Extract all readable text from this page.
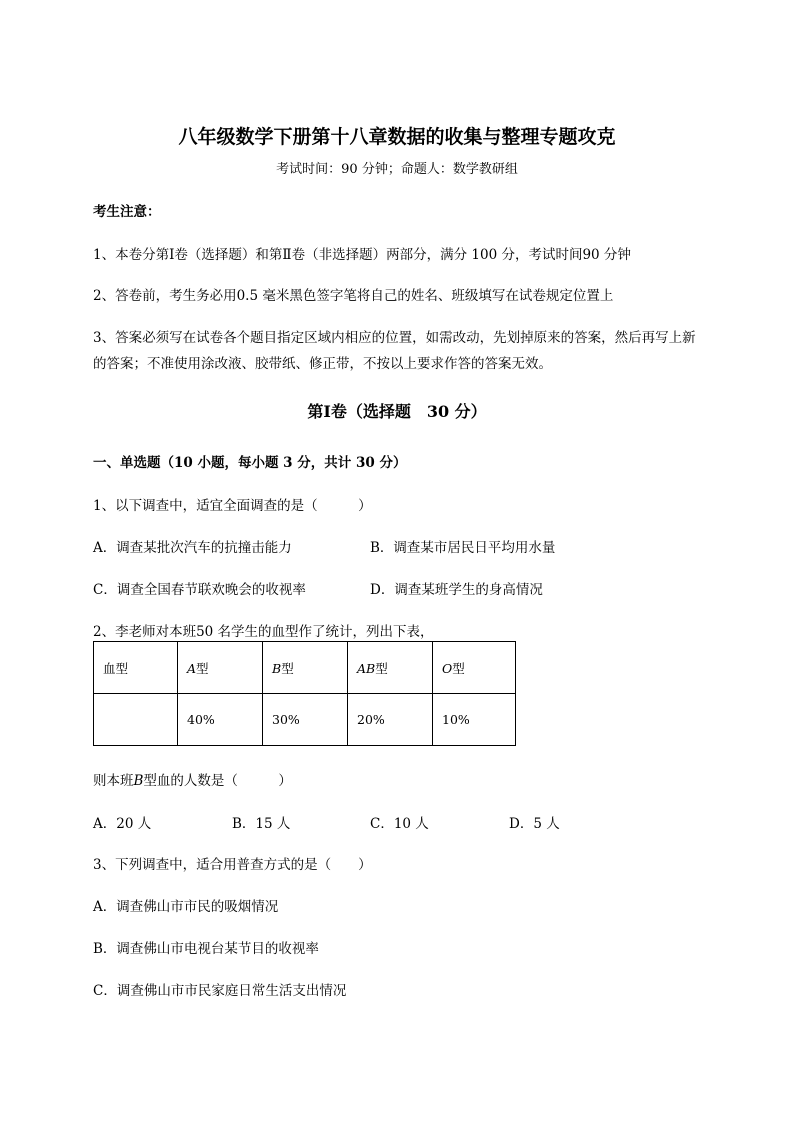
八年级数学下册第十八章数据的收集与整理专题攻克
考试时间：90 分钟；命题人：数学教研组
考生注意：
1、本卷分第Ⅰ卷（选择题）和第Ⅱ卷（非选择题）两部分，满分 100 分，考试时间90 分钟
2、答卷前，考生务必用0.5 毫米黑色签字笔将自己的姓名、班级填写在试卷规定位置上
3、答案必须写在试卷各个题目指定区域内相应的位置，如需改动，先划掉原来的答案，然后再写上新
的答案；不准使用涂改液、胶带纸、修正带，不按以上要求作答的答案无效。
第Ⅰ卷（选择题　30 分）
一、单选题（10 小题，每小题 3 分，共计 30 分）
1、以下调查中，适宜全面调查的是（　　　）
A．调查某批次汽车的抗撞击能力	B．调查某市居民日平均用水量
C．调查全国春节联欢晚会的收视率	D．调查某班学生的身高情况
2、李老师对本班50 名学生的血型作了统计，列出下表，
血型	A型	B型	AB型	O型
	40%	30%	20%	10%
则本班B型血的人数是（　　　）
A．20 人	B．15 人	C．10 人	D．5 人
3、下列调查中，适合用普查方式的是（　　）
A．调查佛山市市民的吸烟情况
B．调查佛山市电视台某节目的收视率
C．调查佛山市市民家庭日常生活支出情况
